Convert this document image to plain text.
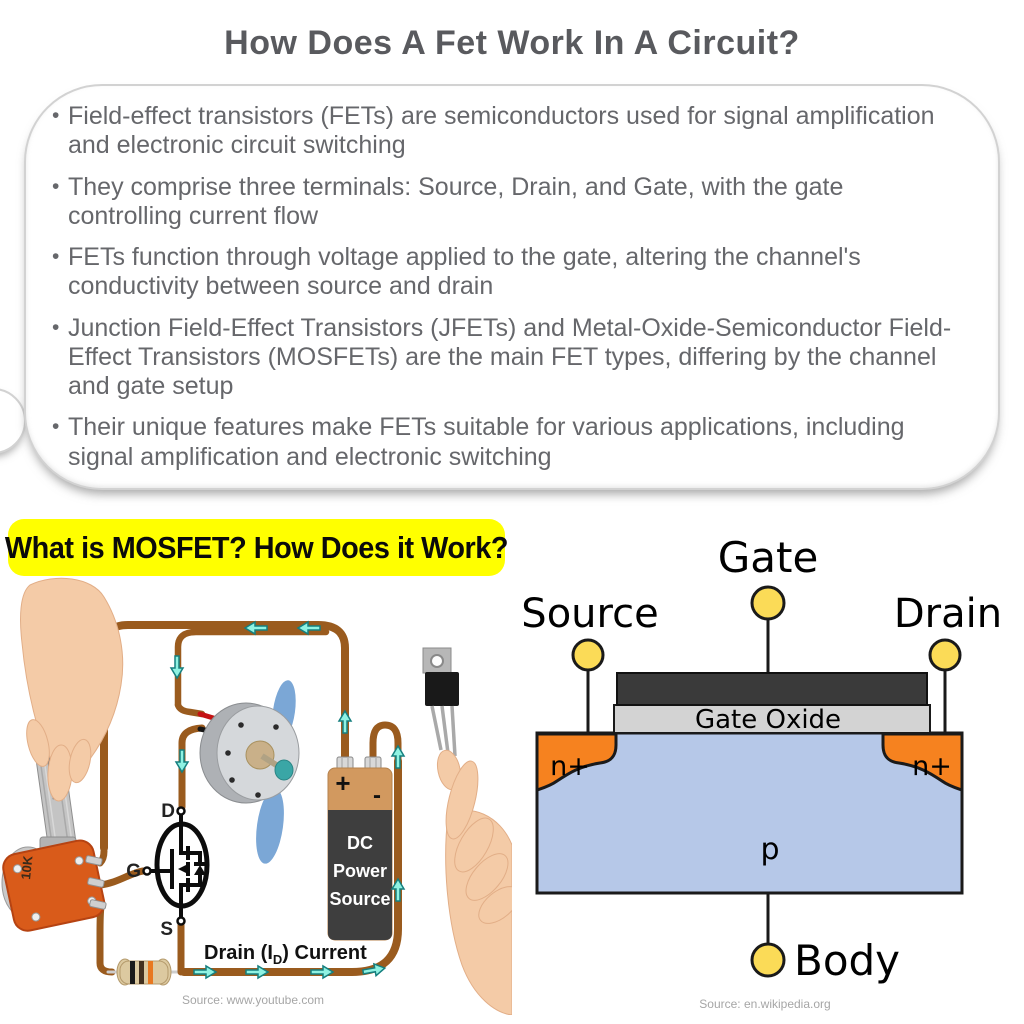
How Does A Fet Work In A Circuit?
• Field-effect transistors (FETs) are semiconductors used for signal amplification and electronic circuit switching
• They comprise three terminals: Source, Drain, and Gate, with the gate controlling current flow
• FETs function through voltage applied to the gate, altering the channel's conductivity between source and drain
• Junction Field-Effect Transistors (JFETs) and Metal-Oxide-Semiconductor Field-Effect Transistors (MOSFETs) are the main FET types, differing by the channel and gate setup
• Their unique features make FETs suitable for various applications, including signal amplification and electronic switching
What is MOSFET? How Does it Work?
+ -
DC
Power
Source
10K
D
G
S
Drain $(I_D)$ Current
Source: www.youtube.com
Gate
Source	Drain
Gate Oxide
n+	n+
p
Body
Source: en.wikipedia.org
